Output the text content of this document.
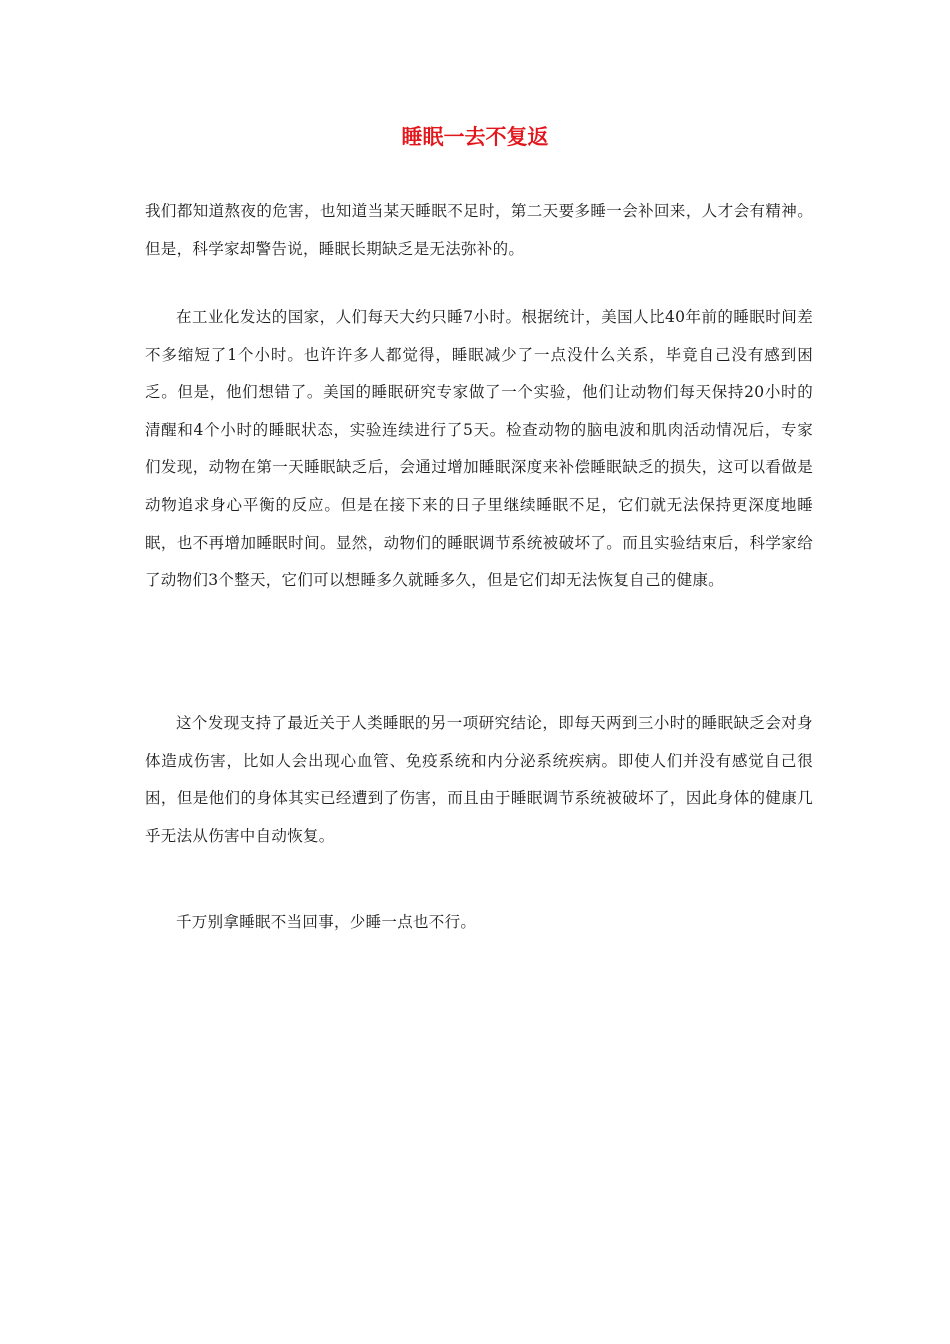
睡眠一去不复返

我们都知道熬夜的危害，也知道当某天睡眠不足时，第二天要多睡一会补回来，人才会有精神。但是，科学家却警告说，睡眠长期缺乏是无法弥补的。

在工业化发达的国家，人们每天大约只睡7小时。根据统计，美国人比40年前的睡眠时间差不多缩短了1个小时。也许许多人都觉得，睡眠减少了一点没什么关系，毕竟自己没有感到困乏。但是，他们想错了。美国的睡眠研究专家做了一个实验，他们让动物们每天保持20小时的清醒和4个小时的睡眠状态，实验连续进行了5天。检查动物的脑电波和肌肉活动情况后，专家们发现，动物在第一天睡眠缺乏后，会通过增加睡眠深度来补偿睡眠缺乏的损失，这可以看做是动物追求身心平衡的反应。但是在接下来的日子里继续睡眠不足，它们就无法保持更深度地睡眠，也不再增加睡眠时间。显然，动物们的睡眠调节系统被破坏了。而且实验结束后，科学家给了动物们3个整天，它们可以想睡多久就睡多久，但是它们却无法恢复自己的健康。

这个发现支持了最近关于人类睡眠的另一项研究结论，即每天两到三小时的睡眠缺乏会对身体造成伤害，比如人会出现心血管、免疫系统和内分泌系统疾病。即使人们并没有感觉自己很困，但是他们的身体其实已经遭到了伤害，而且由于睡眠调节系统被破坏了，因此身体的健康几乎无法从伤害中自动恢复。

千万别拿睡眠不当回事，少睡一点也不行。
